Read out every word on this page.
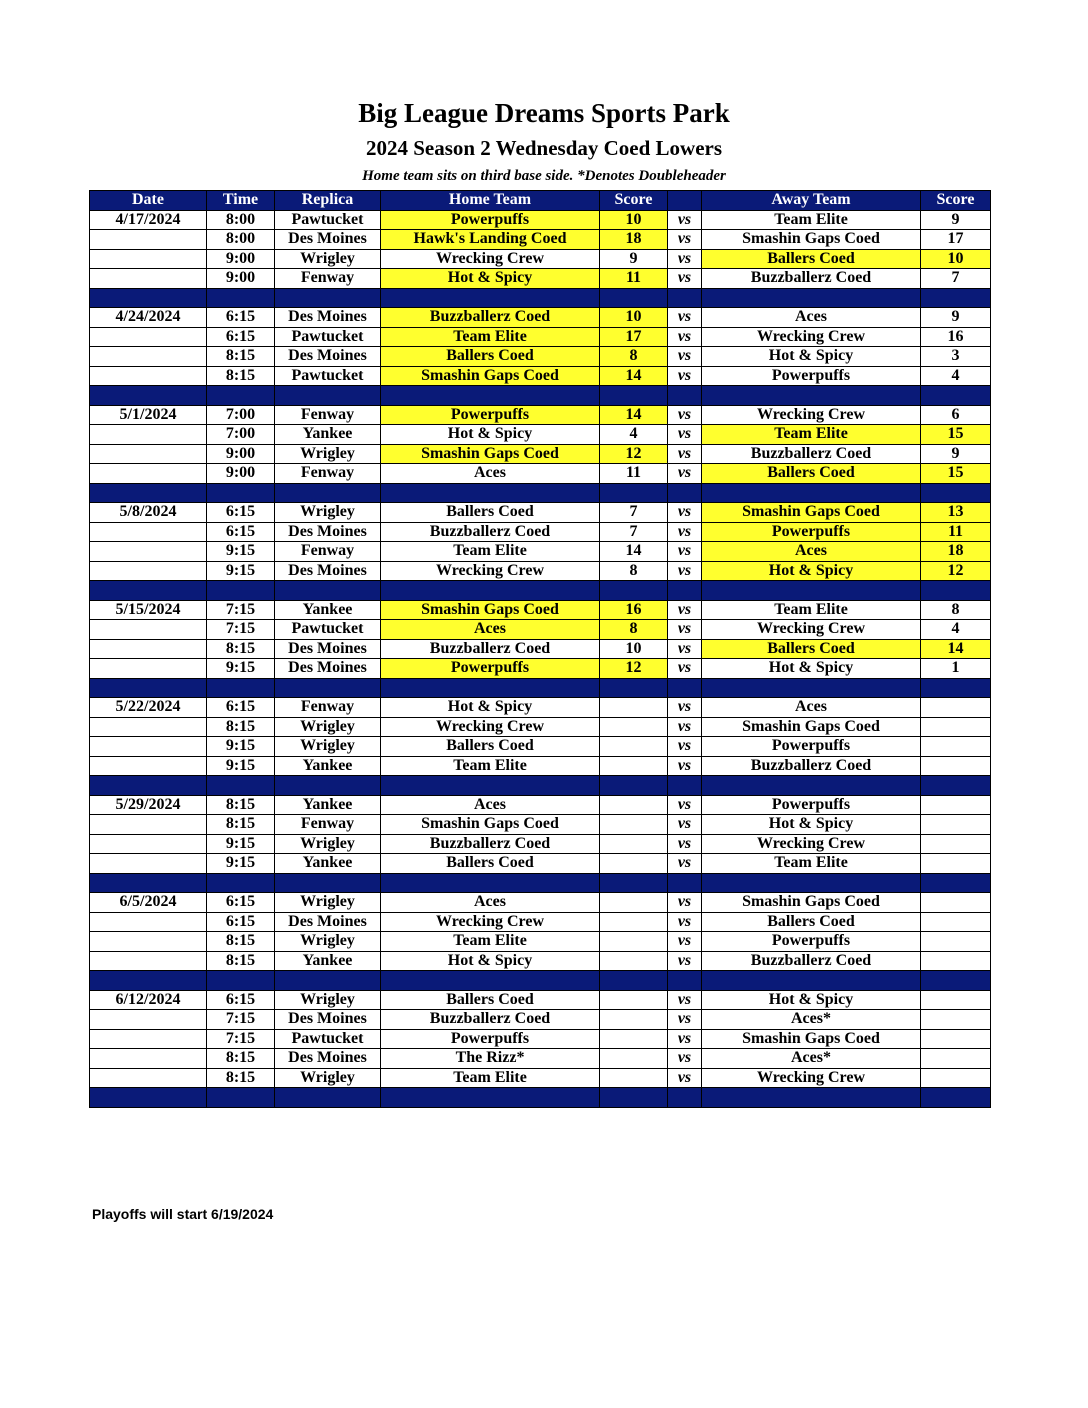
Big League Dreams Sports Park
2024 Season 2 Wednesday Coed Lowers
Home team sits on third base side. *Denotes Doubleheader
Date	Time	Replica	Home Team	Score		Away Team	Score
4/17/2024	8:00	Pawtucket	Powerpuffs	10	vs	Team Elite	9
	8:00	Des Moines	Hawk's Landing Coed	18	vs	Smashin Gaps Coed	17
	9:00	Wrigley	Wrecking Crew	9	vs	Ballers Coed	10
	9:00	Fenway	Hot & Spicy	11	vs	Buzzballerz Coed	7

4/24/2024	6:15	Des Moines	Buzzballerz Coed	10	vs	Aces	9
	6:15	Pawtucket	Team Elite	17	vs	Wrecking Crew	16
	8:15	Des Moines	Ballers Coed	8	vs	Hot & Spicy	3
	8:15	Pawtucket	Smashin Gaps Coed	14	vs	Powerpuffs	4

5/1/2024	7:00	Fenway	Powerpuffs	14	vs	Wrecking Crew	6
	7:00	Yankee	Hot & Spicy	4	vs	Team Elite	15
	9:00	Wrigley	Smashin Gaps Coed	12	vs	Buzzballerz Coed	9
	9:00	Fenway	Aces	11	vs	Ballers Coed	15

5/8/2024	6:15	Wrigley	Ballers Coed	7	vs	Smashin Gaps Coed	13
	6:15	Des Moines	Buzzballerz Coed	7	vs	Powerpuffs	11
	9:15	Fenway	Team Elite	14	vs	Aces	18
	9:15	Des Moines	Wrecking Crew	8	vs	Hot & Spicy	12

5/15/2024	7:15	Yankee	Smashin Gaps Coed	16	vs	Team Elite	8
	7:15	Pawtucket	Aces	8	vs	Wrecking Crew	4
	8:15	Des Moines	Buzzballerz Coed	10	vs	Ballers Coed	14
	9:15	Des Moines	Powerpuffs	12	vs	Hot & Spicy	1

5/22/2024	6:15	Fenway	Hot & Spicy		vs	Aces	
	8:15	Wrigley	Wrecking Crew		vs	Smashin Gaps Coed	
	9:15	Wrigley	Ballers Coed		vs	Powerpuffs	
	9:15	Yankee	Team Elite		vs	Buzzballerz Coed	

5/29/2024	8:15	Yankee	Aces		vs	Powerpuffs	
	8:15	Fenway	Smashin Gaps Coed		vs	Hot & Spicy	
	9:15	Wrigley	Buzzballerz Coed		vs	Wrecking Crew	
	9:15	Yankee	Ballers Coed		vs	Team Elite	

6/5/2024	6:15	Wrigley	Aces		vs	Smashin Gaps Coed	
	6:15	Des Moines	Wrecking Crew		vs	Ballers Coed	
	8:15	Wrigley	Team Elite		vs	Powerpuffs	
	8:15	Yankee	Hot & Spicy		vs	Buzzballerz Coed	

6/12/2024	6:15	Wrigley	Ballers Coed		vs	Hot & Spicy	
	7:15	Des Moines	Buzzballerz Coed		vs	Aces*	
	7:15	Pawtucket	Powerpuffs		vs	Smashin Gaps Coed	
	8:15	Des Moines	The Rizz*		vs	Aces*	
	8:15	Wrigley	Team Elite		vs	Wrecking Crew	

Playoffs will start 6/19/2024
